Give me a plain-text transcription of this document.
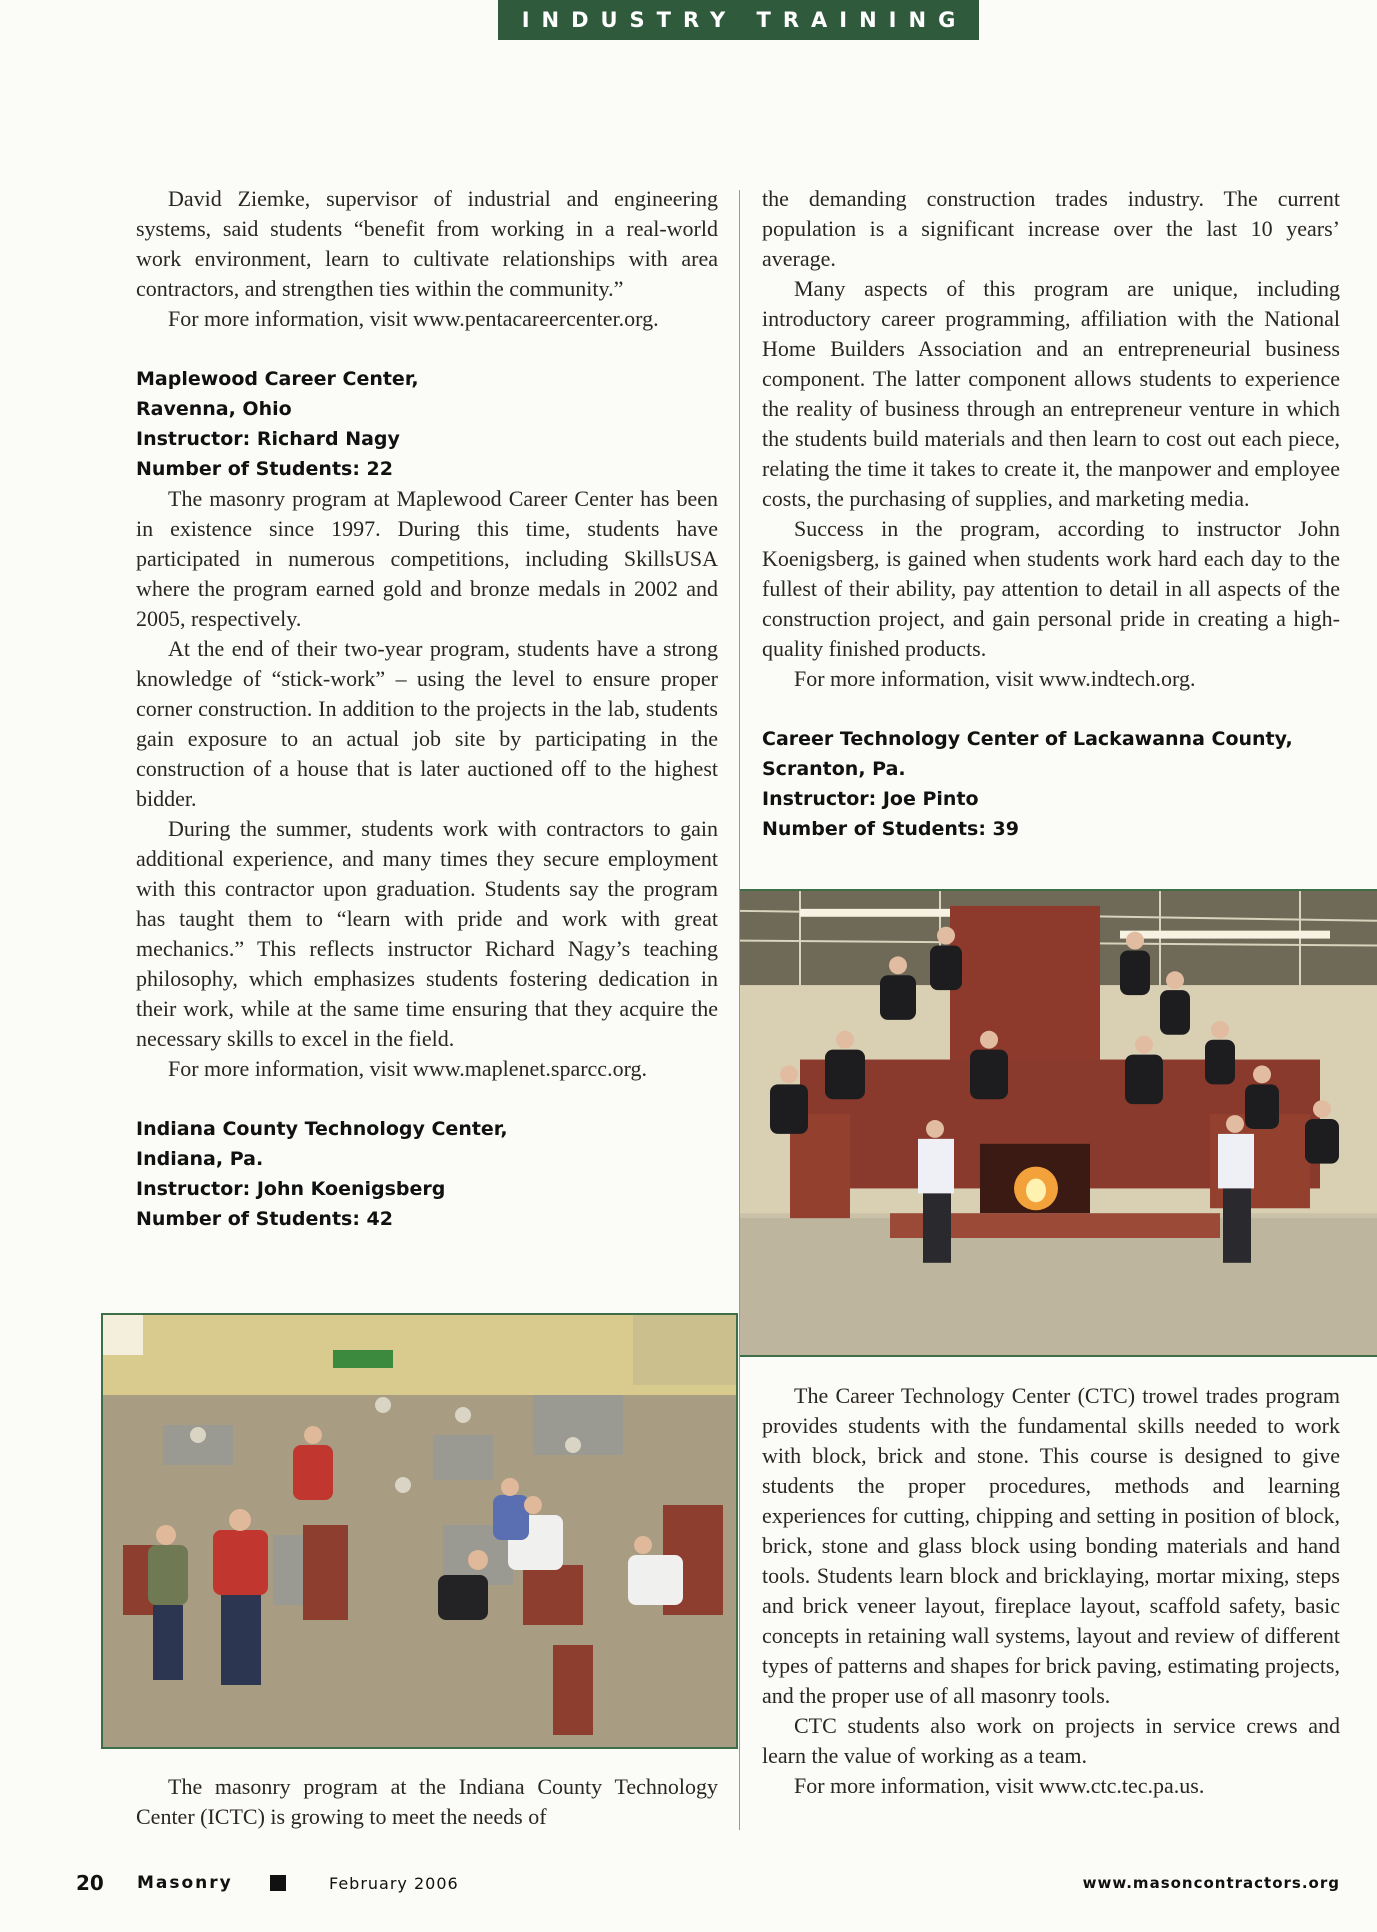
INDUSTRY TRAINING

David Ziemke, supervisor of industrial and engineering systems, said students “benefit from working in a real-world work environment, learn to cultivate relationships with area contractors, and strengthen ties within the community.”

For more information, visit www.pentacareercenter.org.

Maplewood Career Center,
Ravenna, Ohio
Instructor: Richard Nagy
Number of Students: 22

The masonry program at Maplewood Career Center has been in existence since 1997. During this time, students have participated in numerous competitions, including SkillsUSA where the program earned gold and bronze medals in 2002 and 2005, respectively.

At the end of their two-year program, students have a strong knowledge of “stick-work” – using the level to ensure proper corner construction. In addition to the projects in the lab, students gain exposure to an actual job site by participating in the construction of a house that is later auctioned off to the highest bidder.

During the summer, students work with contractors to gain additional experience, and many times they secure employment with this contractor upon graduation. Students say the program has taught them to “learn with pride and work with great mechanics.” This reflects instructor Richard Nagy’s teaching philosophy, which emphasizes students fostering dedication in their work, while at the same time ensuring that they acquire the necessary skills to excel in the field.

For more information, visit www.maplenet.sparcc.org.

Indiana County Technology Center,
Indiana, Pa.
Instructor: John Koenigsberg
Number of Students: 42

The masonry program at the Indiana County Technology Center (ICTC) is growing to meet the needs of

the demanding construction trades industry. The current population is a significant increase over the last 10 years’ average.

Many aspects of this program are unique, including introductory career programming, affiliation with the National Home Builders Association and an entrepreneurial business component. The latter component allows students to experience the reality of business through an entrepreneur venture in which the students build materials and then learn to cost out each piece, relating the time it takes to create it, the manpower and employee costs, the purchasing of supplies, and marketing media.

Success in the program, according to instructor John Koenigsberg, is gained when students work hard each day to the fullest of their ability, pay attention to detail in all aspects of the construction project, and gain personal pride in creating a high-quality finished products.

For more information, visit www.indtech.org.

Career Technology Center of Lackawanna County,
Scranton, Pa.
Instructor: Joe Pinto
Number of Students: 39

The Career Technology Center (CTC) trowel trades program provides students with the fundamental skills needed to work with block, brick and stone. This course is designed to give students the proper procedures, methods and learning experiences for cutting, chipping and setting in position of block, brick, stone and glass block using bonding materials and hand tools. Students learn block and bricklaying, mortar mixing, steps and brick veneer layout, fireplace layout, scaffold safety, basic concepts in retaining wall systems, layout and review of different types of patterns and shapes for brick paving, estimating projects, and the proper use of all masonry tools.

CTC students also work on projects in service crews and learn the value of working as a team.

For more information, visit www.ctc.tec.pa.us.

20 Masonry	February 2006	www.masoncontractors.org
